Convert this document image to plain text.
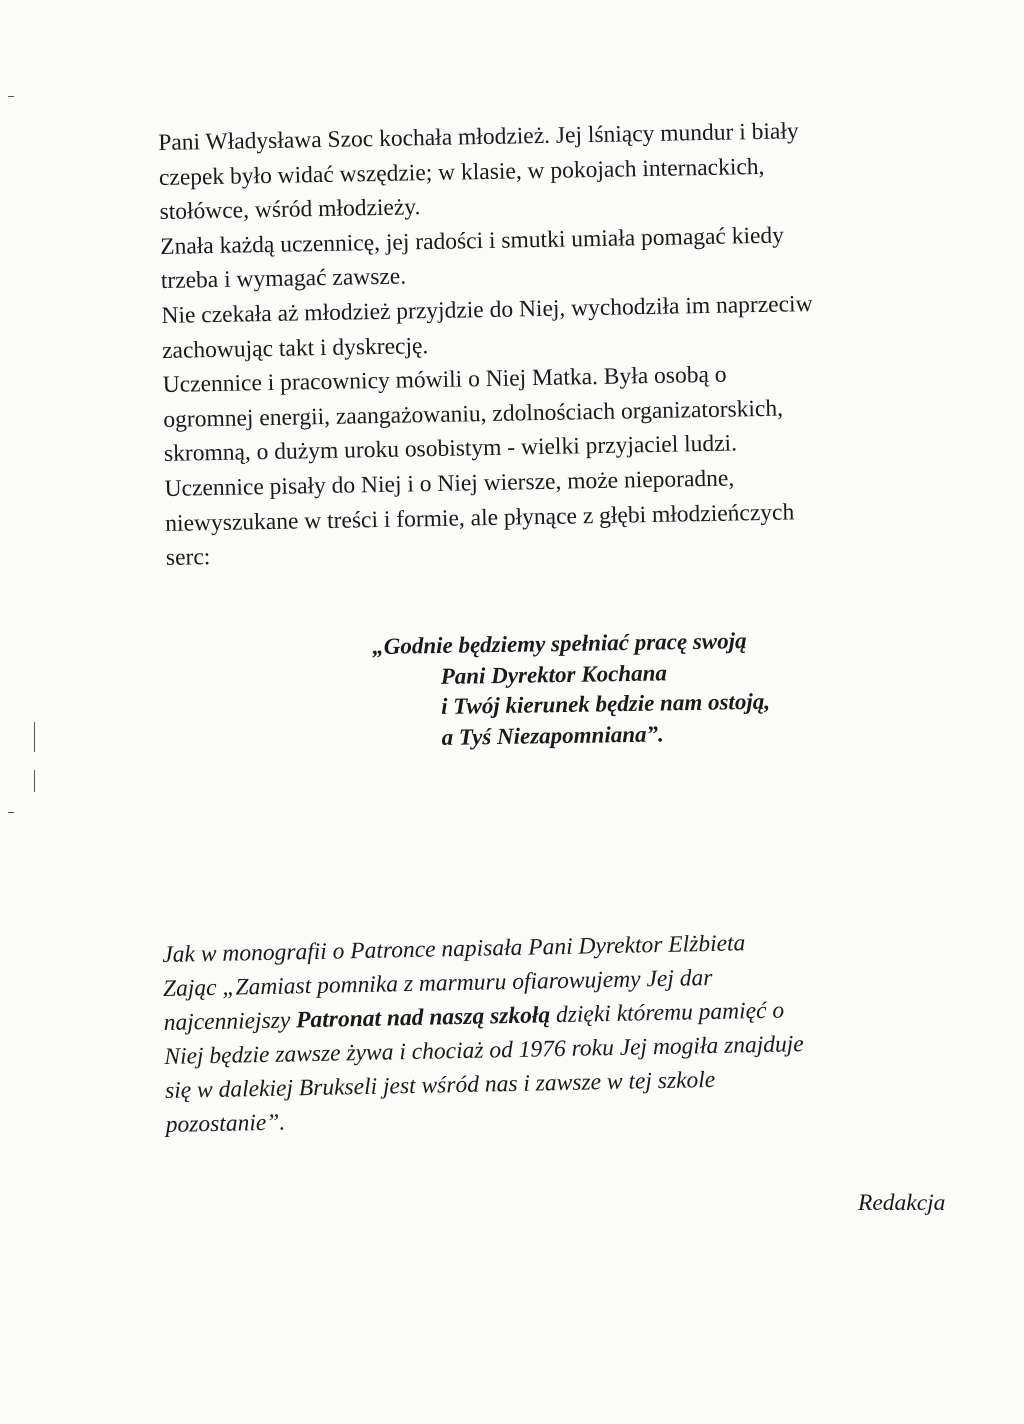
Pani Władysława Szoc kochała młodzież. Jej lśniący mundur i biały
czepek było widać wszędzie; w klasie, w pokojach internackich,
stołówce, wśród młodzieży.
Znała każdą uczennicę, jej radości i smutki umiała pomagać kiedy
trzeba i wymagać zawsze.
Nie czekała aż młodzież przyjdzie do Niej, wychodziła im naprzeciw
zachowując takt i dyskrecję.
Uczennice i pracownicy mówili o Niej Matka. Była osobą o
ogromnej energii, zaangażowaniu, zdolnościach organizatorskich,
skromną, o dużym uroku osobistym - wielki przyjaciel ludzi.
Uczennice pisały do Niej i o Niej wiersze, może nieporadne,
niewyszukane w treści i formie, ale płynące z głębi młodzieńczych
serc:
„Godnie będziemy spełniać pracę swoją
Pani Dyrektor Kochana
i Twój kierunek będzie nam ostoją,
a Tyś Niezapomniana”.
Jak w monografii o Patronce napisała Pani Dyrektor Elżbieta
Zając „Zamiast pomnika z marmuru ofiarowujemy Jej dar
najcenniejszy Patronat nad naszą szkołą dzięki któremu pamięć o
Niej będzie zawsze żywa i chociaż od 1976 roku Jej mogiła znajduje
się w dalekiej Brukseli jest wśród nas i zawsze w tej szkole
pozostanie”.
Redakcja
